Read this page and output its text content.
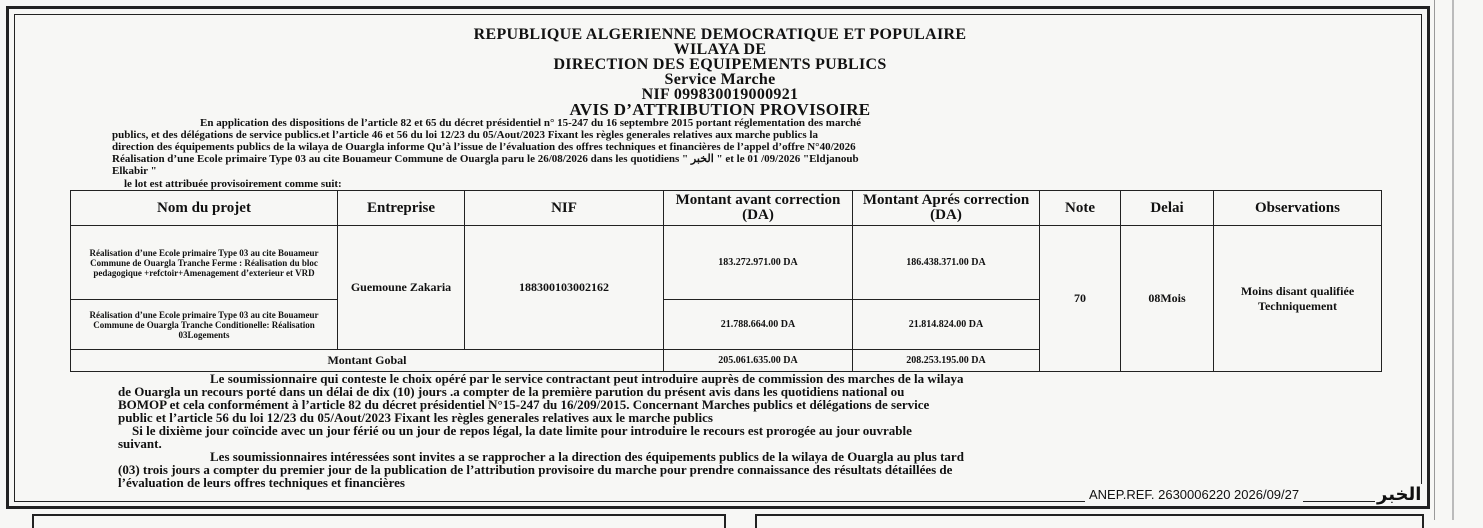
REPUBLIQUE ALGERIENNE DEMOCRATIQUE ET POPULAIRE
WILAYA DE
DIRECTION DES EQUIPEMENTS PUBLICS
Service Marche
NIF 099830019000921
AVIS D’ATTRIBUTION PROVISOIRE
En application des dispositions de l’article 82 et 65 du décret présidentiel n° 15-247 du 16 septembre 2015 portant réglementation des marché
publics, et des délégations de service publics.et l’article 46 et 56 du loi 12/23 du 05/Aout/2023 Fixant les règles generales relatives aux marche publics la
direction des équipements publics de la wilaya de Ouargla informe Qu’à l’issue de l’évaluation des offres techniques et financières de l’appel d’offre N°40/2026
Réalisation d’une Ecole primaire Type 03 au cite Bouameur Commune de Ouargla paru le 26/08/2026 dans les quotidiens " الخبر " et le 01 /09/2026 "Eldjanoub
Elkabir "
le lot est attribuée provisoirement comme suit:
Nom du projet	Entreprise	NIF	Montant avant correction (DA)	Montant Aprés correction (DA)	Note	Delai	Observations
Réalisation d’une Ecole primaire Type 03 au cite Bouameur Commune de Ouargla Tranche Ferme : Réalisation du bloc pedagogique +refctoir+Amenagement d’exterieur et VRD	Guemoune Zakaria	188300103002162	183.272.971.00 DA	186.438.371.00 DA	70	08Mois	Moins disant qualifiée Techniquement
Réalisation d’une Ecole primaire Type 03 au cite Bouameur Commune de Ouargla Tranche Conditionelle: Réalisation 03Logements			21.788.664.00 DA	21.814.824.00 DA			
Montant Gobal			205.061.635.00 DA	208.253.195.00 DA			
Le soumissionnaire qui conteste le choix opéré par le service contractant peut introduire auprès de commission des marches de la wilaya
de Ouargla un recours porté dans un délai de dix (10) jours .a compter de la première parution du présent avis dans les quotidiens national ou
BOMOP et cela conformément à l’article 82 du décret présidentiel N°15-247 du 16/209/2015. Concernant Marches publics et délégations de service
public et l’article 56 du loi 12/23 du 05/Aout/2023 Fixant les règles generales relatives aux le marche publics
Si le dixième jour coïncide avec un jour férié ou un jour de repos légal, la date limite pour introduire le recours est prorogée au jour ouvrable
suivant.
Les soumissionnaires intéressées sont invites a se rapprocher a la direction des équipements publics de la wilaya de Ouargla au plus tard
(03) trois jours a compter du premier jour de la publication de l’attribution provisoire du marche pour prendre connaissance des résultats détaillées de
l’évaluation de leurs offres techniques et financières
ANEP.REF. 2630006220 2026/09/27	الخبر
